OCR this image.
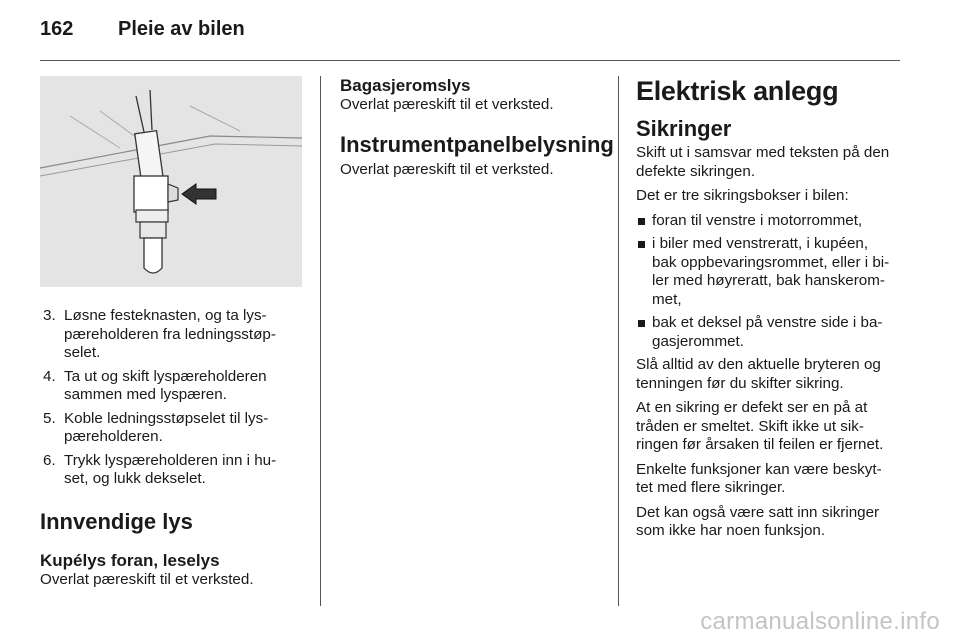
162	Pleie av bilen
3. Løsne festeknasten, og ta lys-
pæreholderen fra ledningsstøp-
selet.
4. Ta ut og skift lyspæreholderen
sammen med lyspæren.
5. Koble ledningsstøpselet til lys-
pæreholderen.
6. Trykk lyspæreholderen inn i hu-
set, og lukk dekselet.
Innvendige lys
Kupélys foran, leselys

Overlat pæreskift til et verksted.

Bagasjeromslys

Overlat pæreskift til et verksted.

Instrumentpanelbelysning

Overlat pæreskift til et verksted.

Elektrisk anlegg
Sikringer

Skift ut i samsvar med teksten på den
defekte sikringen.

Det er tre sikringsbokser i bilen:

foran til venstre i motorrommet,
i biler med venstreratt, i kupéen,
bak oppbevaringsrommet, eller i bi-
ler med høyreratt, bak hanskerom-
met,
bak et deksel på venstre side i ba-
gasjerommet.

Slå alltid av den aktuelle bryteren og
tenningen før du skifter sikring.

At en sikring er defekt ser en på at
tråden er smeltet. Skift ikke ut sik-
ringen før årsaken til feilen er fjernet.

Enkelte funksjoner kan være beskyt-
tet med flere sikringer.

Det kan også være satt inn sikringer
som ikke har noen funksjon.

carmanualsonline.info
